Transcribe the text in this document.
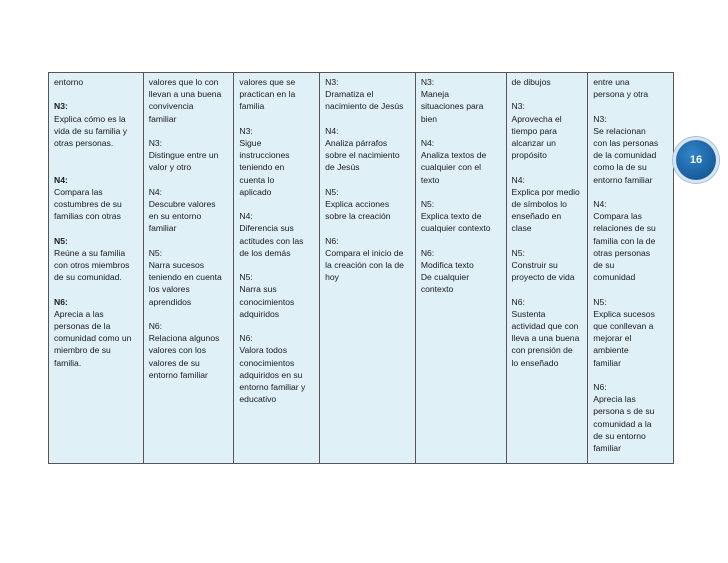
entorno
N3:
Explica cómo es la
vida de su familia y
otras personas.
N4:
Compara las
costumbres de su
familias con otras
N5:
Reúne a su familia
con otros miembros
de su comunidad.
N6:
Aprecia a las
personas de la
comunidad como un
miembro de su
familia.
valores que lo con
llevan a una buena
convivencia
familiar
N3:
Distingue entre un
valor y otro
N4:
Descubre valores
en su entorno
familiar
N5:
Narra sucesos
teniendo en cuenta
los valores
aprendidos
N6:
Relaciona algunos
valores con los
valores de su
entorno familiar
valores que se
practican en la
familia
N3:
Sigue
instrucciones
teniendo en
cuenta lo
aplicado
N4:
Diferencia sus
actitudes con las
de los demás
N5:
Narra sus
conocimientos
adquiridos
N6:
Valora todos
conocimientos
adquiridos en su
entorno familiar y
educativo
N3:
Dramatiza el
nacimiento de Jesús
N4:
Analiza párrafos
sobre el nacimiento
de Jesús
N5:
Explica acciones
sobre la creación
N6:
Compara el inicio de
la creación con la de
hoy
N3:
Maneja
situaciones para
bien
N4:
Analiza textos de
cualquier con el
texto
N5:
Explica texto de
cualquier contexto
N6:
Modifica texto
De cualquier
contexto
de dibujos
N3:
Aprovecha el
tiempo para
alcanzar un
propósito
N4:
Explica por medio
de símbolos lo
enseñado en
clase
N5:
Construir su
proyecto de vida
N6:
Sustenta
actividad que con
lleva a una buena
con prensión de
lo enseñado
entre una
persona y otra
N3:
Se relacionan
con las personas
de la comunidad
como la de su
entorno familiar
N4:
Compara las
relaciones de su
familia con la de
otras personas
de su
comunidad
N5:
Explica sucesos
que conllevan a
mejorar el
ambiente
familiar
N6:
Aprecia las
persona s de su
comunidad a la
de su entorno
familiar
16
